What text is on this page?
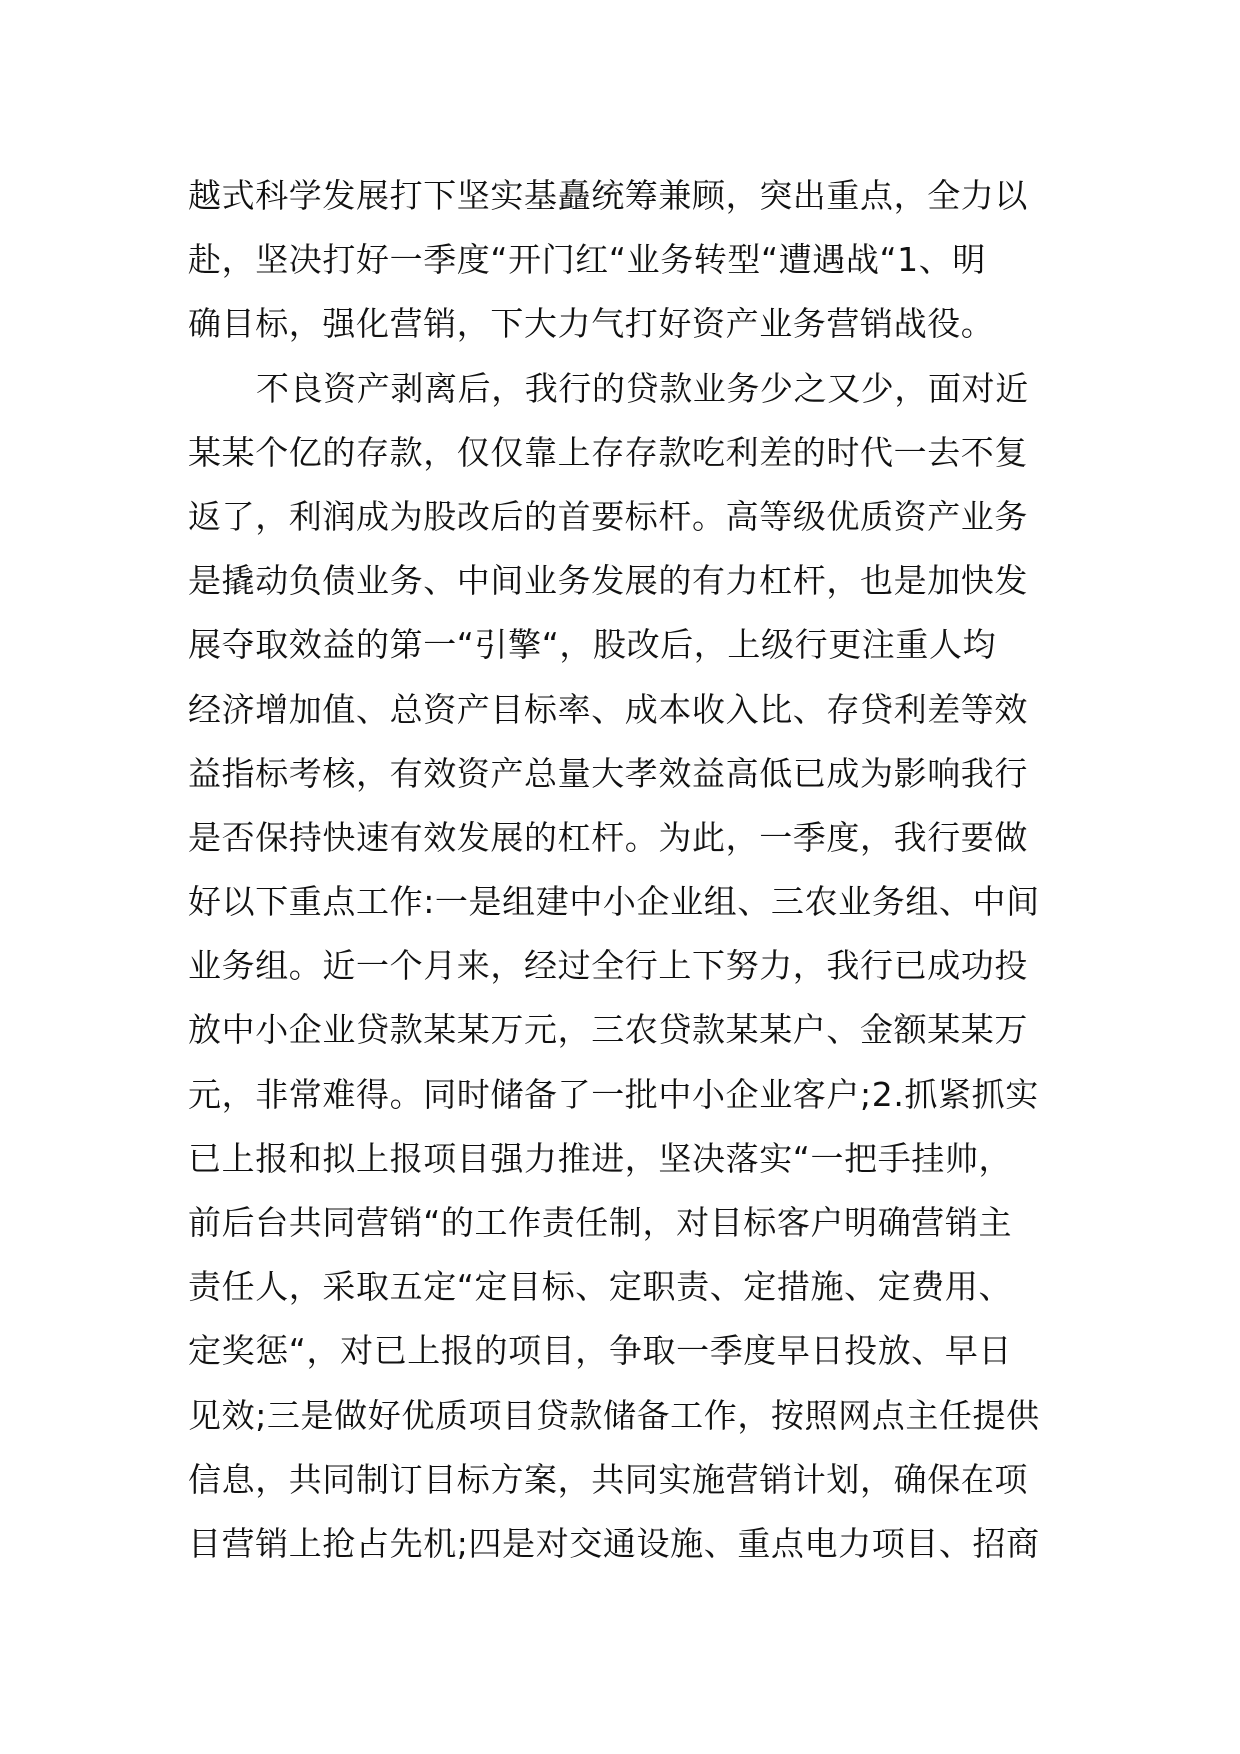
越式科学发展打下坚实基矗统筹兼顾，突出重点，全力以
赴，坚决打好一季度“开门红“业务转型“遭遇战“1、明
确目标，强化营销，下大力气打好资产业务营销战役。
不良资产剥离后，我行的贷款业务少之又少，面对近
某某个亿的存款，仅仅靠上存存款吃利差的时代一去不复
返了，利润成为股改后的首要标杆。高等级优质资产业务
是撬动负债业务、中间业务发展的有力杠杆，也是加快发
展夺取效益的第一“引擎“，股改后，上级行更注重人均
经济增加值、总资产目标率、成本收入比、存贷利差等效
益指标考核，有效资产总量大孝效益高低已成为影响我行
是否保持快速有效发展的杠杆。为此，一季度，我行要做
好以下重点工作:一是组建中小企业组、三农业务组、中间
业务组。近一个月来，经过全行上下努力，我行已成功投
放中小企业贷款某某万元，三农贷款某某户、金额某某万
元，非常难得。同时储备了一批中小企业客户;2.抓紧抓实
已上报和拟上报项目强力推进，坚决落实“一把手挂帅，
前后台共同营销“的工作责任制，对目标客户明确营销主
责任人，采取五定“定目标、定职责、定措施、定费用、
定奖惩“，对已上报的项目，争取一季度早日投放、早日
见效;三是做好优质项目贷款储备工作，按照网点主任提供
信息，共同制订目标方案，共同实施营销计划，确保在项
目营销上抢占先机;四是对交通设施、重点电力项目、招商
